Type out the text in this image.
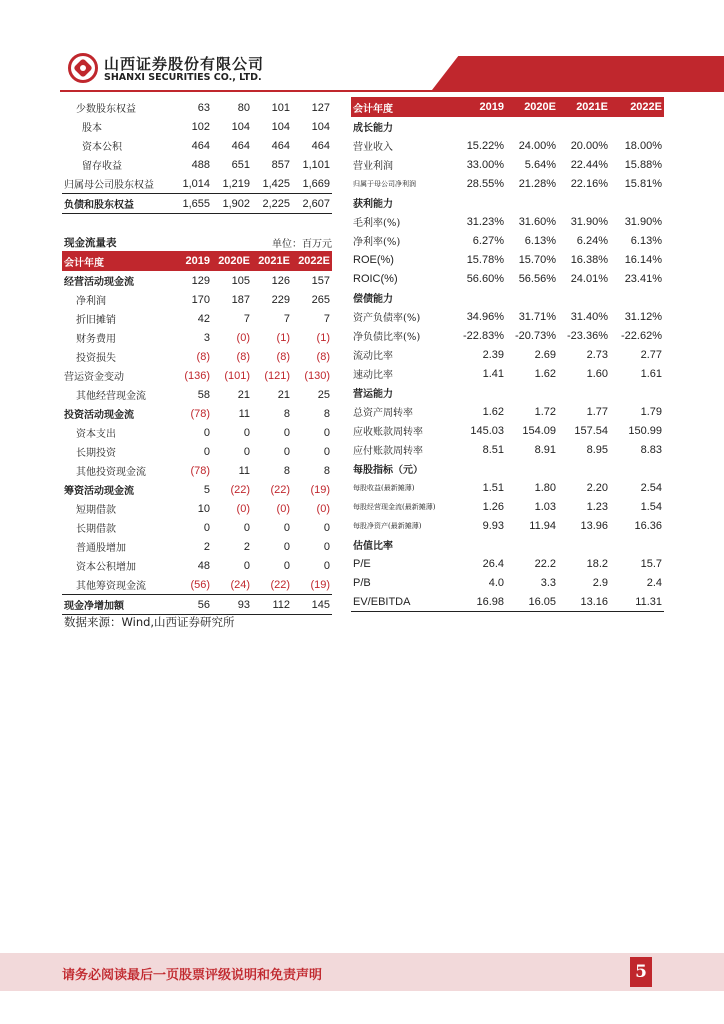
山西证券股份有限公司
SHANXI SECURITIES CO., LTD.
证券研究报告：公司研究/点评报告
少数股东权益	63	80	101	127
股本	102	104	104	104
资本公积	464	464	464	464
留存收益	488	651	857	1,101
归属母公司股东权益	1,014	1,219	1,425	1,669
负债和股东权益	1,655	1,902	2,225	2,607
现金流量表	单位：百万元
会计年度	2019	2020E	2021E	2022E
经营活动现金流	129	105	126	157
净利润	170	187	229	265
折旧摊销	42	7	7	7
财务费用	3	(0)	(1)	(1)
投资损失	(8)	(8)	(8)	(8)
营运资金变动	(136)	(101)	(121)	(130)
其他经营现金流	58	21	21	25
投资活动现金流	(78)	11	8	8
资本支出	0	0	0	0
长期投资	0	0	0	0
其他投资现金流	(78)	11	8	8
筹资活动现金流	5	(22)	(22)	(19)
短期借款	10	(0)	(0)	(0)
长期借款	0	0	0	0
普通股增加	2	2	0	0
资本公积增加	48	0	0	0
其他筹资现金流	(56)	(24)	(22)	(19)
现金净增加额	56	93	112	145
会计年度	2019	2020E	2021E	2022E
成长能力				
营业收入	15.22%	24.00%	20.00%	18.00%
营业利润	33.00%	5.64%	22.44%	15.88%
归属于母公司净利润	28.55%	21.28%	22.16%	15.81%
获利能力				
毛利率(%)	31.23%	31.60%	31.90%	31.90%
净利率(%)	6.27%	6.13%	6.24%	6.13%
ROE(%)	15.78%	15.70%	16.38%	16.14%
ROIC(%)	56.60%	56.56%	24.01%	23.41%
偿债能力				
资产负债率(%)	34.96%	31.71%	31.40%	31.12%
净负债比率(%)	-22.83%	-20.73%	-23.36%	-22.62%
流动比率	2.39	2.69	2.73	2.77
速动比率	1.41	1.62	1.60	1.61
营运能力				
总资产周转率	1.62	1.72	1.77	1.79
应收账款周转率	145.03	154.09	157.54	150.99
应付账款周转率	8.51	8.91	8.95	8.83
每股指标（元）				
每股收益(最新摊薄)	1.51	1.80	2.20	2.54
每股经营现金流(最新摊薄)	1.26	1.03	1.23	1.54
每股净资产(最新摊薄)	9.93	11.94	13.96	16.36
估值比率				
P/E	26.4	22.2	18.2	15.7
P/B	4.0	3.3	2.9	2.4
EV/EBITDA	16.98	16.05	13.16	11.31
数据来源：Wind,山西证券研究所
请务必阅读最后一页股票评级说明和免责声明	5
